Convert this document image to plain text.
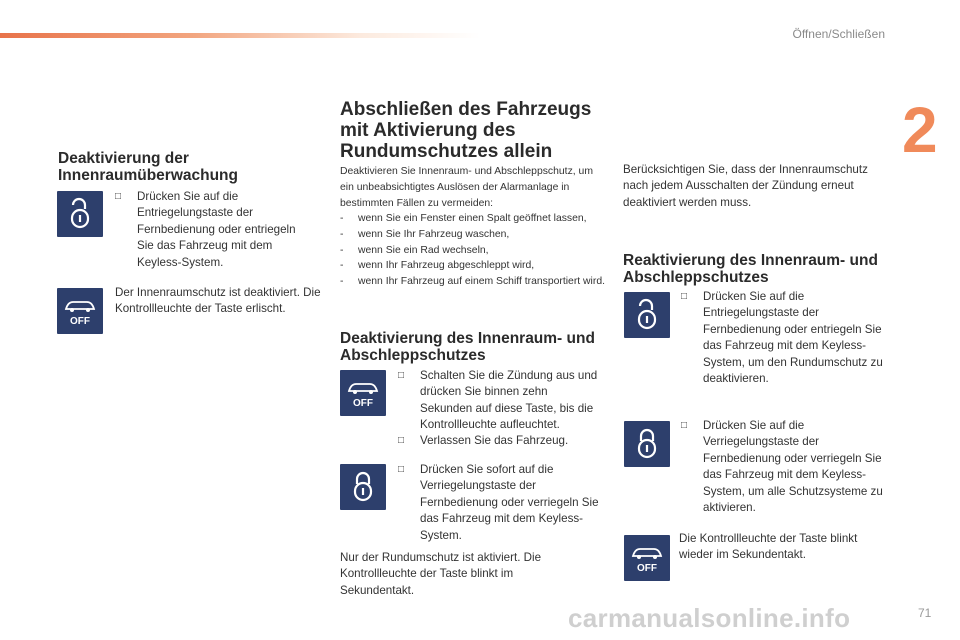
Öffnen/Schließen
2
Deaktivierung der Innenraumüberwachung
□	Drücken Sie auf die Entriegelungstaste der Fernbedienung oder entriegeln Sie das Fahrzeug mit dem Keyless-System.
OFF
Der Innenraumschutz ist deaktiviert. Die Kontrollleuchte der Taste erlischt.
Abschließen des Fahrzeugs mit Aktivierung des Rundumschutzes allein
Deaktivieren Sie Innenraum- und Abschleppschutz, um ein unbeabsichtigtes Auslösen der Alarmanlage in bestimmten Fällen zu vermeiden:
-	wenn Sie ein Fenster einen Spalt geöffnet lassen,
-	wenn Sie Ihr Fahrzeug waschen,
-	wenn Sie ein Rad wechseln,
-	wenn Ihr Fahrzeug abgeschleppt wird,
-	wenn Ihr Fahrzeug auf einem Schiff transportiert wird.
Deaktivierung des Innenraum- und Abschleppschutzes
OFF
□	Schalten Sie die Zündung aus und drücken Sie binnen zehn Sekunden auf diese Taste, bis die Kontrollleuchte aufleuchtet.
□	Verlassen Sie das Fahrzeug.
□	Drücken Sie sofort auf die Verriegelungstaste der Fernbedienung oder verriegeln Sie das Fahrzeug mit dem Keyless-System.
Nur der Rundumschutz ist aktiviert. Die Kontrollleuchte der Taste blinkt im Sekundentakt.
Berücksichtigen Sie, dass der Innenraumschutz nach jedem Ausschalten der Zündung erneut deaktiviert werden muss.
Reaktivierung des Innenraum- und Abschleppschutzes
□	Drücken Sie auf die Entriegelungstaste der Fernbedienung oder entriegeln Sie das Fahrzeug mit dem Keyless-System, um den Rundumschutz zu deaktivieren.
□	Drücken Sie auf die Verriegelungstaste der Fernbedienung oder verriegeln Sie das Fahrzeug mit dem Keyless-System, um alle Schutzsysteme zu aktivieren.
OFF
Die Kontrollleuchte der Taste blinkt wieder im Sekundentakt.
carmanualsonline.info	71
